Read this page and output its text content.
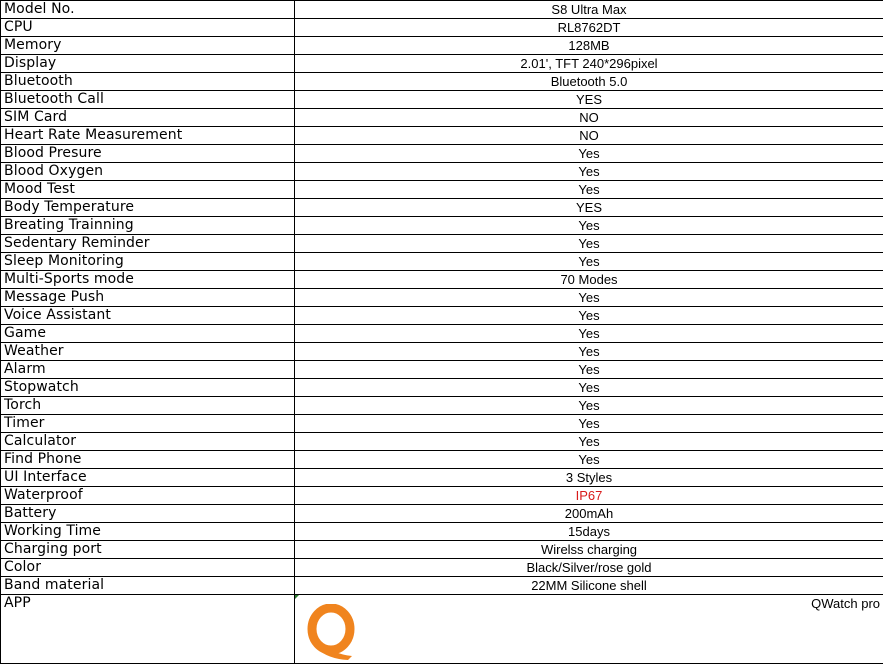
Model No.	S8 Ultra Max
CPU	RL8762DT
Memory	128MB
Display	2.01', TFT 240*296pixel
Bluetooth	Bluetooth 5.0
Bluetooth Call	YES
SIM Card	NO
Heart Rate Measurement	NO
Blood Presure	Yes
Blood Oxygen	Yes
Mood Test	Yes
Body Temperature	YES
Breating Trainning	Yes
Sedentary Reminder	Yes
Sleep Monitoring	Yes
Multi-Sports mode	70 Modes
Message Push	Yes
Voice Assistant	Yes
Game	Yes
Weather	Yes
Alarm	Yes
Stopwatch	Yes
Torch	Yes
Timer	Yes
Calculator	Yes
Find Phone	Yes
UI Interface	3 Styles
Waterproof	IP67
Battery	200mAh
Working Time	15days
Charging port	Wirelss charging
Color	Black/Silver/rose gold
Band material	22MM Silicone shell

APP	QWatch pro
